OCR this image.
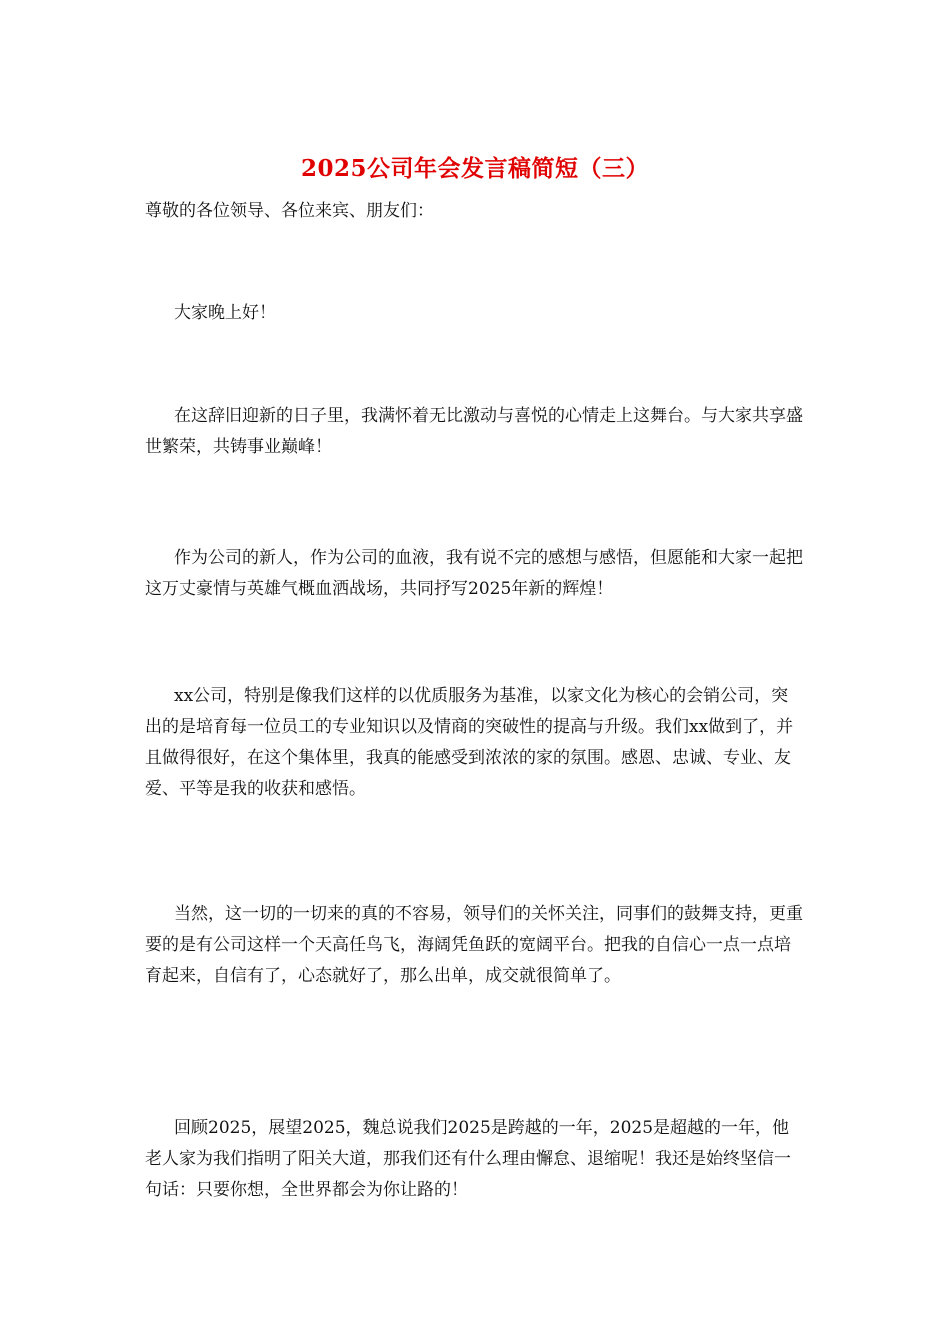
2025公司年会发言稿简短（三）
尊敬的各位领导、各位来宾、朋友们：
大家晚上好！
在这辞旧迎新的日子里，我满怀着无比激动与喜悦的心情走上这舞台。与大家共享盛世繁荣，共铸事业巅峰！
作为公司的新人，作为公司的血液，我有说不完的感想与感悟，但愿能和大家一起把这万丈豪情与英雄气概血洒战场，共同抒写2025年新的辉煌！
xx公司，特别是像我们这样的以优质服务为基准，以家文化为核心的会销公司，突出的是培育每一位员工的专业知识以及情商的突破性的提高与升级。我们xx做到了，并且做得很好，在这个集体里，我真的能感受到浓浓的家的氛围。感恩、忠诚、专业、友爱、平等是我的收获和感悟。
当然，这一切的一切来的真的不容易，领导们的关怀关注，同事们的鼓舞支持，更重要的是有公司这样一个天高任鸟飞，海阔凭鱼跃的宽阔平台。把我的自信心一点一点培育起来，自信有了，心态就好了，那么出单，成交就很简单了。
回顾2025，展望2025，魏总说我们2025是跨越的一年，2025是超越的一年，他老人家为我们指明了阳关大道，那我们还有什么理由懈怠、退缩呢！我还是始终坚信一句话：只要你想，全世界都会为你让路的！
